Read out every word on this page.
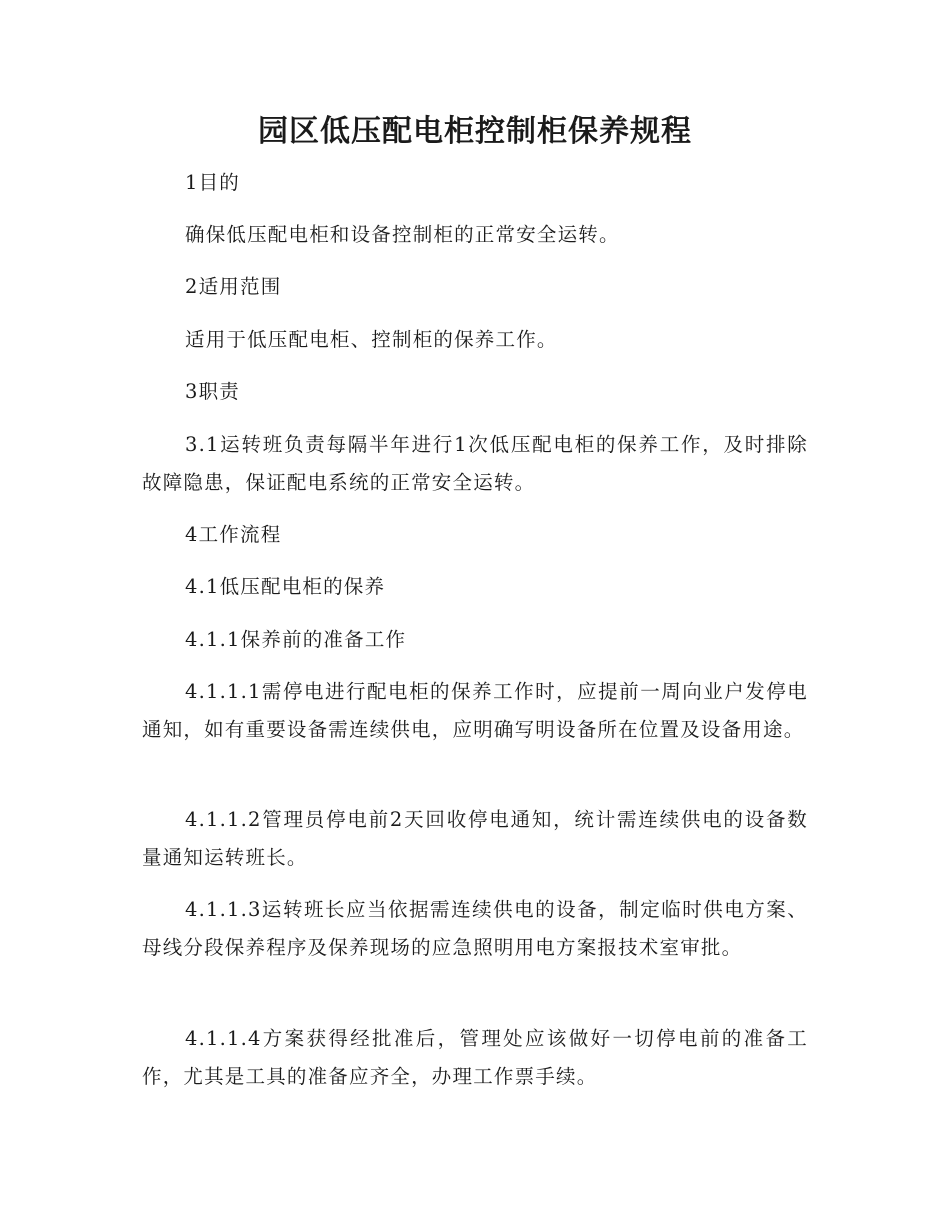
园区低压配电柜控制柜保养规程

1目的

确保低压配电柜和设备控制柜的正常安全运转。

2适用范围

适用于低压配电柜、控制柜的保养工作。

3职责

3.1运转班负责每隔半年进行1次低压配电柜的保养工作，及时排除故障隐患，保证配电系统的正常安全运转。

4工作流程

4.1低压配电柜的保养

4.1.1保养前的准备工作

4.1.1.1需停电进行配电柜的保养工作时，应提前一周向业户发停电通知，如有重要设备需连续供电，应明确写明设备所在位置及设备用途。

4.1.1.2管理员停电前2天回收停电通知，统计需连续供电的设备数量通知运转班长。

4.1.1.3运转班长应当依据需连续供电的设备，制定临时供电方案、母线分段保养程序及保养现场的应急照明用电方案报技术室审批。

4.1.1.4方案获得经批准后，管理处应该做好一切停电前的准备工作，尤其是工具的准备应齐全，办理工作票手续。
